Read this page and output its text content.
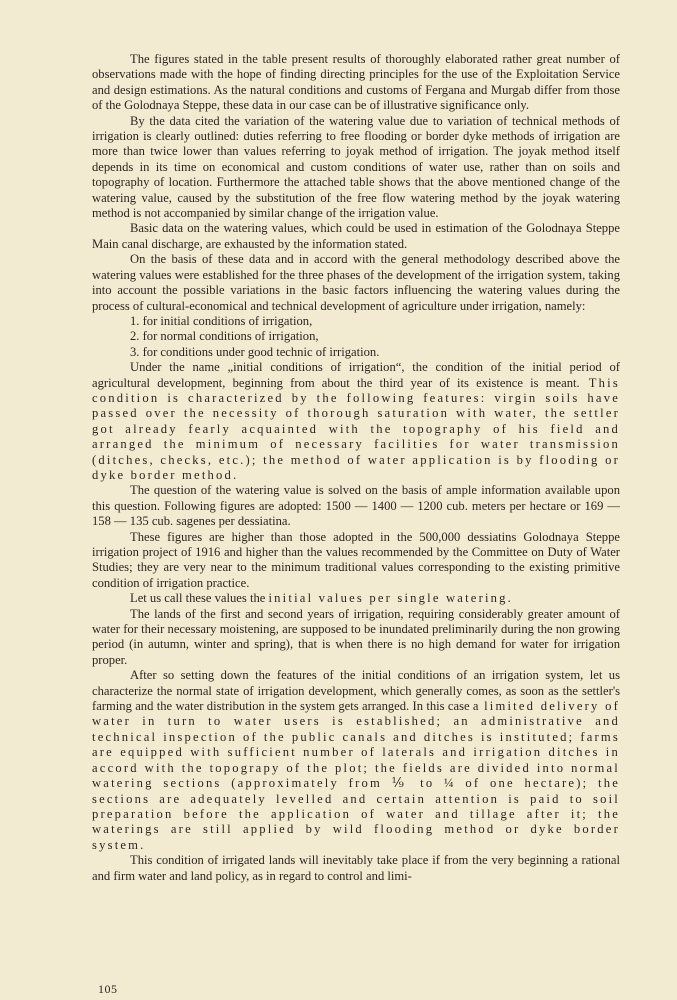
The figures stated in the table present results of thoroughly elaborated rather great number of observations made with the hope of finding directing principles for the use of the Exploitation Service and design estimations. As the natural conditions and customs of Fergana and Murgab differ from those of the Golodnaya Steppe, these data in our case can be of illustrative significance only.

By the data cited the variation of the watering value due to variation of technical methods of irrigation is clearly outlined: duties referring to free flooding or border dyke methods of irrigation are more than twice lower than values referring to joyak method of irrigation. The joyak method itself depends in its time on economical and custom conditions of water use, rather than on soils and topography of location. Furthermore the attached table shows that the above mentioned change of the watering value, caused by the substitution of the free flow watering method by the joyak watering method is not accompanied by similar change of the irrigation value.

Basic data on the watering values, which could be used in estimation of the Golodnaya Steppe Main canal discharge, are exhausted by the information stated.

On the basis of these data and in accord with the general methodology described above the watering values were established for the three phases of the development of the irrigation system, taking into account the possible variations in the basic factors influencing the watering values during the process of cultural-economical and technical development of agriculture under irrigation, namely:

1. for initial conditions of irrigation,
2. for normal conditions of irrigation,
3. for conditions under good technic of irrigation.

Under the name „initial conditions of irrigation“, the condition of the initial period of agricultural development, beginning from about the third year of its existence is meant. This condition is characterized by the following features: virgin soils have passed over the necessity of thorough saturation with water, the settler got already fearly acquainted with the topography of his field and arranged the minimum of necessary facilities for water transmission (ditches, checks, etc.); the method of water application is by flooding or dyke border method.

The question of the watering value is solved on the basis of ample information available upon this question. Following figures are adopted: 1500 — 1400 — 1200 cub. meters per hectare or 169 — 158 — 135 cub. sagenes per dessiatina.

These figures are higher than those adopted in the 500,000 dessiatins Golodnaya Steppe irrigation project of 1916 and higher than the values recommended by the Committee on Duty of Water Studies; they are very near to the minimum traditional values corresponding to the existing primitive condition of irrigation practice.

Let us call these values the initial values per single watering.

The lands of the first and second years of irrigation, requiring considerably greater amount of water for their necessary moistening, are supposed to be inundated preliminarily during the non growing period (in autumn, winter and spring), that is when there is no high demand for water for irrigation proper.

After so setting down the features of the initial conditions of an irrigation system, let us characterize the normal state of irrigation development, which generally comes, as soon as the settler's farming and the water distribution in the system gets arranged. In this case a limited delivery of water in turn to water users is established; an administrative and technical inspection of the public canals and ditches is instituted; farms are equipped with sufficient number of laterals and irrigation ditches in accord with the topograpy of the plot; the fields are divided into normal watering sections (approximately from ⅑ to ¼ of one hectare); the sections are adequately levelled and certain attention is paid to soil preparation before the application of water and tillage after it; the waterings are still applied by wild flooding method or dyke border system.

This condition of irrigated lands will inevitably take place if from the very beginning a rational and firm water and land policy, as in regard to control and limi-

105
